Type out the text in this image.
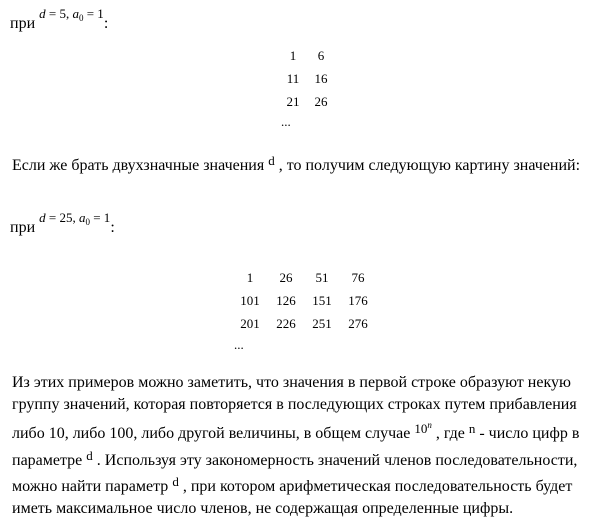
при $^{d = 5, a_0 = 1}$:
1	6
11	16
21	26
...
Если же брать двухзначные значения $^d$ , то получим следующую картину значений:
при $^{d = 25, a_0 = 1}$:
1	26	51	76
101	126	151	176
201	226	251	276
...
Из этих примеров можно заметить, что значения в первой строке образуют некую группу значений, которая повторяется в последующих строках путем прибавления либо 10, либо 100, либо другой величины, в общем случае $^{10^n}$ , где $^n$ - число цифр в параметре $^d$ . Используя эту закономерность значений членов последовательности, можно найти параметр $^d$ , при котором арифметическая последовательность будет иметь максимальное число членов, не содержащая определенные цифры.
